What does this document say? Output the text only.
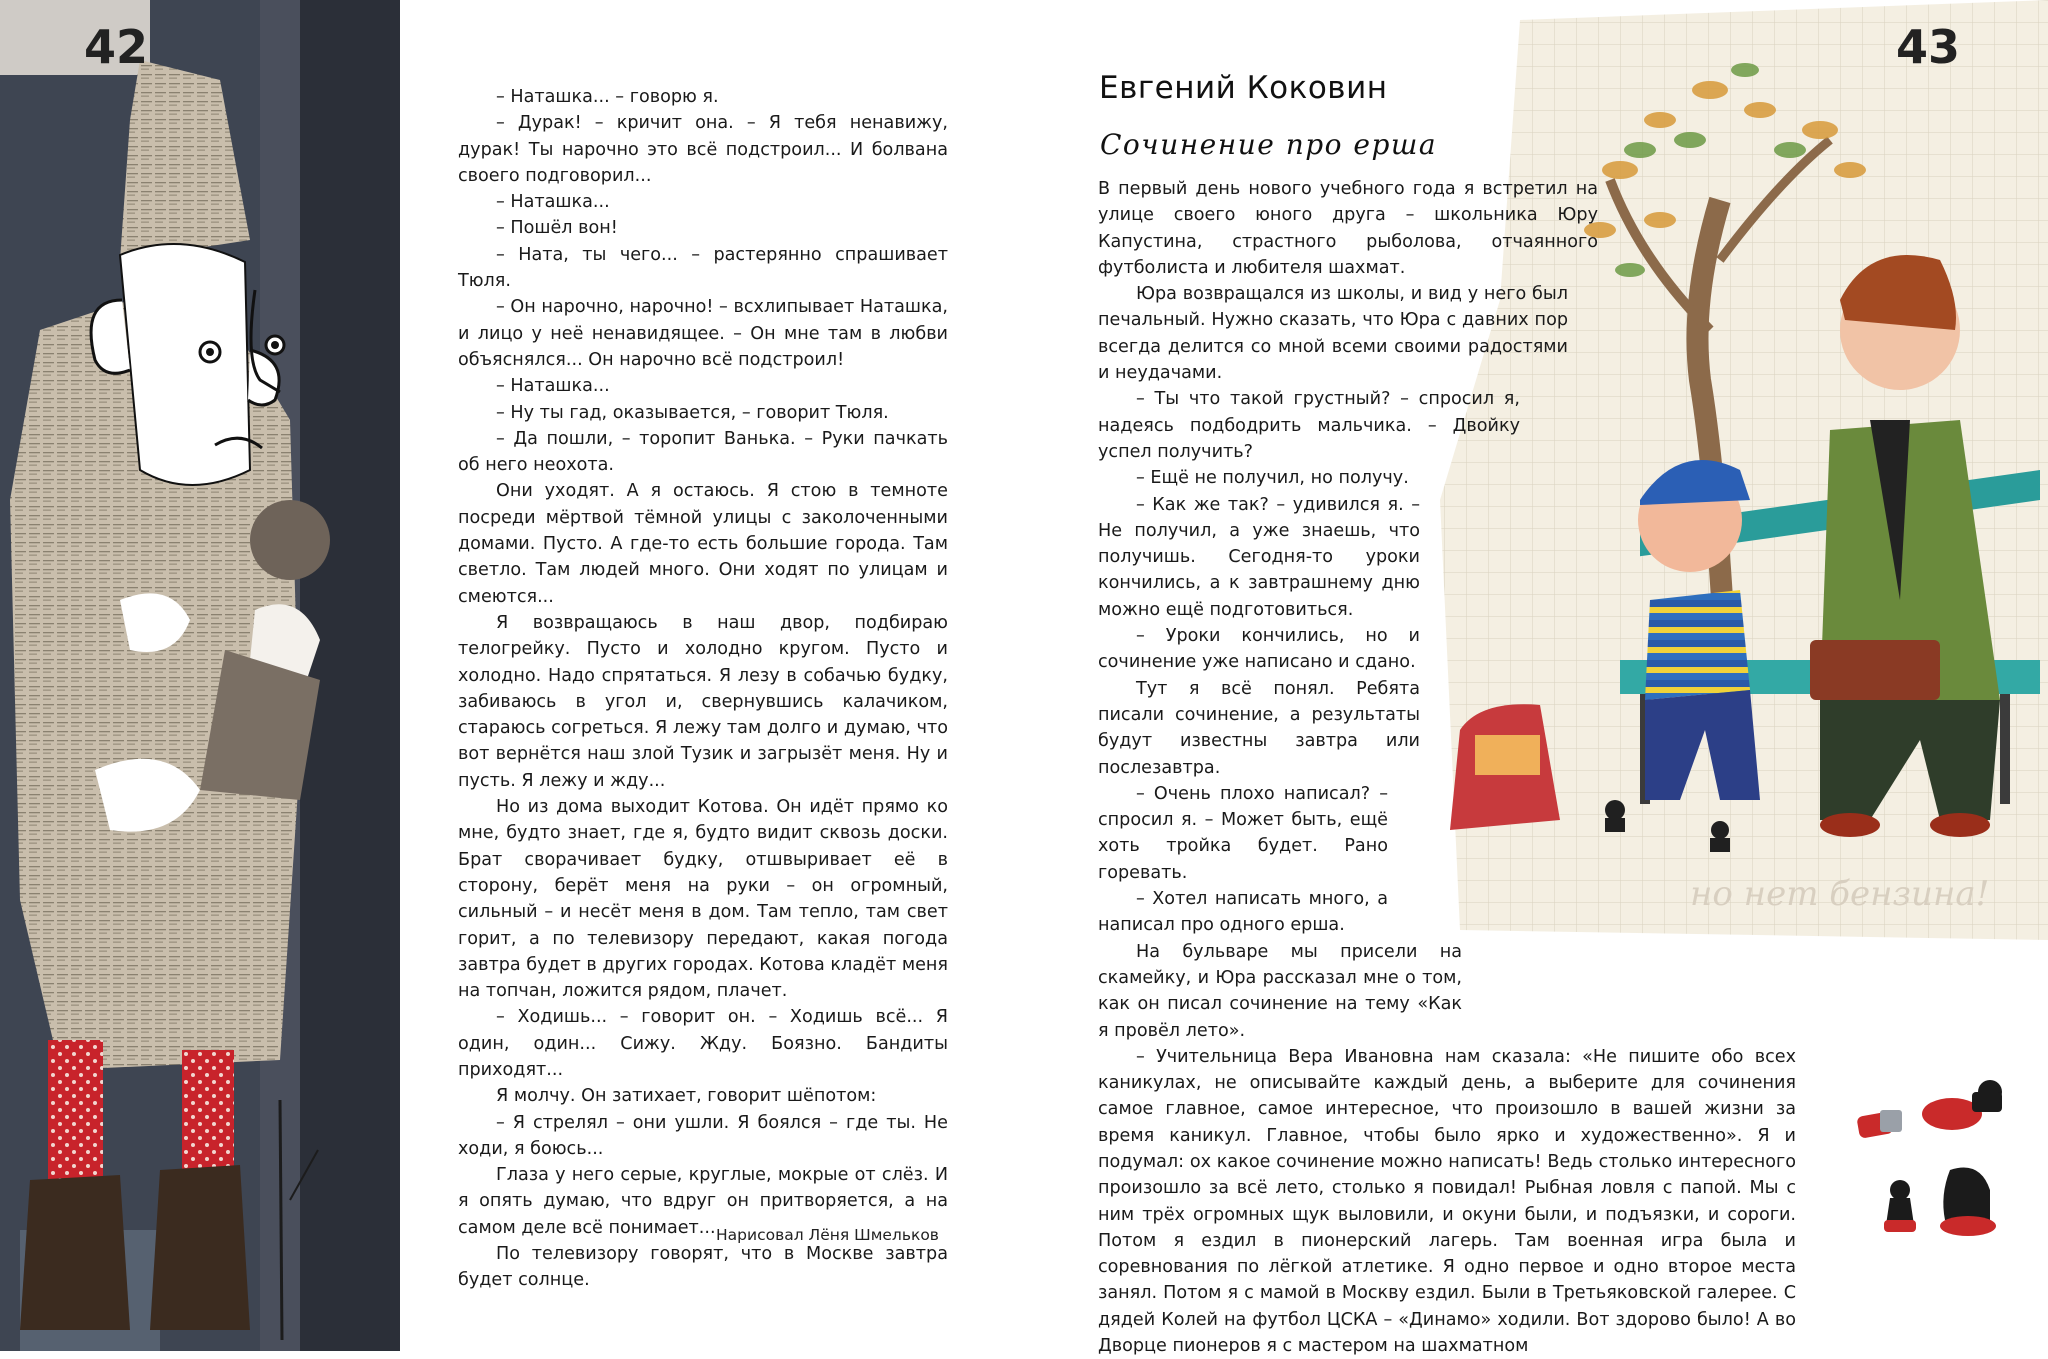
42

– Наташка... – говорю я.

– Дурак! – кричит она. – Я тебя ненавижу, дурак! Ты нарочно это всё подстроил... И болвана своего подговорил...

– Наташка...

– Пошёл вон!

– Ната, ты чего... – растерянно спрашивает Тюля.

– Он нарочно, нарочно! – всхлипывает Наташка, и лицо у неё ненавидящее. – Он мне там в любви объяснялся... Он нарочно всё подстроил!

– Наташка...

– Ну ты гад, оказывается, – говорит Тюля.

– Да пошли, – торопит Ванька. – Руки пачкать об него неохота.

Они уходят. А я остаюсь. Я стою в темноте посреди мёртвой тёмной улицы с заколоченными домами. Пусто. А где-то есть большие города. Там светло. Там людей много. Они ходят по улицам и смеются...

Я возвращаюсь в наш двор, подбираю телогрейку. Пусто и холодно кругом. Пусто и холодно. Надо спрятаться. Я лезу в собачью будку, забиваюсь в угол и, свернувшись калачиком, стараюсь согреться. Я лежу там долго и думаю, что вот вернётся наш злой Тузик и загрызёт меня. Ну и пусть. Я лежу и жду...

Но из дома выходит Котова. Он идёт прямо ко мне, будто знает, где я, будто видит сквозь доски. Брат сворачивает будку, отшвыривает её в сторону, берёт меня на руки – он огромный, сильный – и несёт меня в дом. Там тепло, там свет горит, а по телевизору передают, какая погода завтра будет в других городах. Котова кладёт меня на топчан, ложится рядом, плачет.

– Ходишь... – говорит он. – Ходишь всё... Я один, один... Сижу. Жду. Боязно. Бандиты приходят...

Я молчу. Он затихает, говорит шёпотом:

– Я стрелял – они ушли. Я боялся – где ты. Не ходи, я боюсь...

Глаза у него серые, круглые, мокрые от слёз. И я опять думаю, что вдруг он притворяется, а на самом деле всё понимает...

По телевизору говорят, что в Москве завтра будет солнце.

Нарисовал Лёня Шмельков
но нет бензина!
43
Евгений Коковин
Сочинение про ерша

В первый день нового учебного года я встретил на улице своего юного друга – школьника Юру Капустина, страстного рыболова, отчаянного футболиста и любителя шахмат.

Юра возвращался из школы, и вид у него был печальный. Нужно сказать, что Юра с давних пор всегда делится со мной всеми своими радостями и неудачами.

– Ты что такой грустный? – спросил я, надеясь подбодрить мальчика. – Двойку успел получить?

– Ещё не получил, но получу.

– Как же так? – удивился я. – Не получил, а уже знаешь, что получишь. Сегодня-то уроки кончились, а к завтрашнему дню можно ещё подготовиться.

– Уроки кончились, но и сочинение уже написано и сдано.

Тут я всё понял. Ребята писали сочинение, а результаты будут известны завтра или послезавтра.

– Очень плохо написал? – спросил я. – Может быть, ещё хоть тройка будет. Рано горевать.

– Хотел написать много, а написал про одного ерша.

На бульваре мы присели на скамейку, и Юра рассказал мне о том, как он писал сочинение на тему «Как я провёл лето».

– Учительница Вера Ивановна нам сказала: «Не пишите обо всех каникулах, не описывайте каждый день, а выберите для сочинения самое главное, самое интересное, что произошло в вашей жизни за время каникул. Главное, чтобы было ярко и художественно». Я и подумал: ох какое сочинение можно написать! Ведь столько интересного произошло за всё лето, столько я повидал! Рыбная ловля с папой. Мы с ним трёх огромных щук выловили, и окуни были, и подъязки, и сороги. Потом я ездил в пионерский лагерь. Там военная игра была и соревнования по лёгкой атлетике. Я одно первое и одно второе места занял. Потом я с мамой в Москву ездил. Были в Третьяковской галерее. С дядей Колей на футбол ЦСКА – «Динамо» ходили. Вот здорово было! А во Дворце пионеров я с мастером на шахматном
